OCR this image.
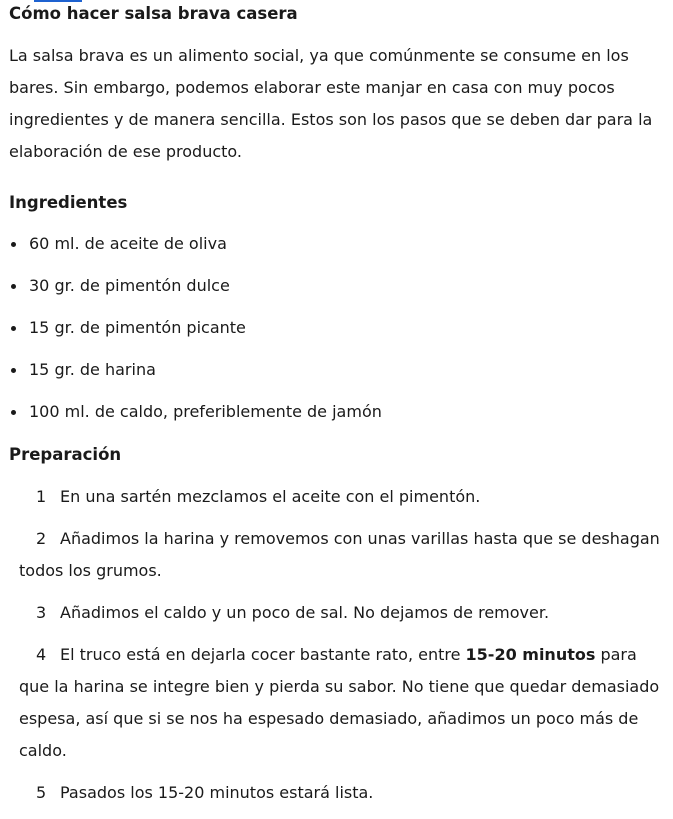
Cómo hacer salsa brava casera

La salsa brava es un alimento social, ya que comúnmente se consume en los bares. Sin embargo, podemos elaborar este manjar en casa con muy pocos ingredientes y de manera sencilla. Estos son los pasos que se deben dar para la elaboración de ese producto.

Ingredientes
60 ml. de aceite de oliva
30 gr. de pimentón dulce
15 gr. de pimentón picante
15 gr. de harina
100 ml. de caldo, preferiblemente de jamón
Preparación
1 En una sartén mezclamos el aceite con el pimentón.
2 Añadimos la harina y removemos con unas varillas hasta que se deshagan todos los grumos.
3 Añadimos el caldo y un poco de sal. No dejamos de remover.
4 El truco está en dejarla cocer bastante rato, entre 15-20 minutos para que la harina se integre bien y pierda su sabor. No tiene que quedar demasiado espesa, así que si se nos ha espesado demasiado, añadimos un poco más de caldo.
5 Pasados los 15-20 minutos estará lista.
